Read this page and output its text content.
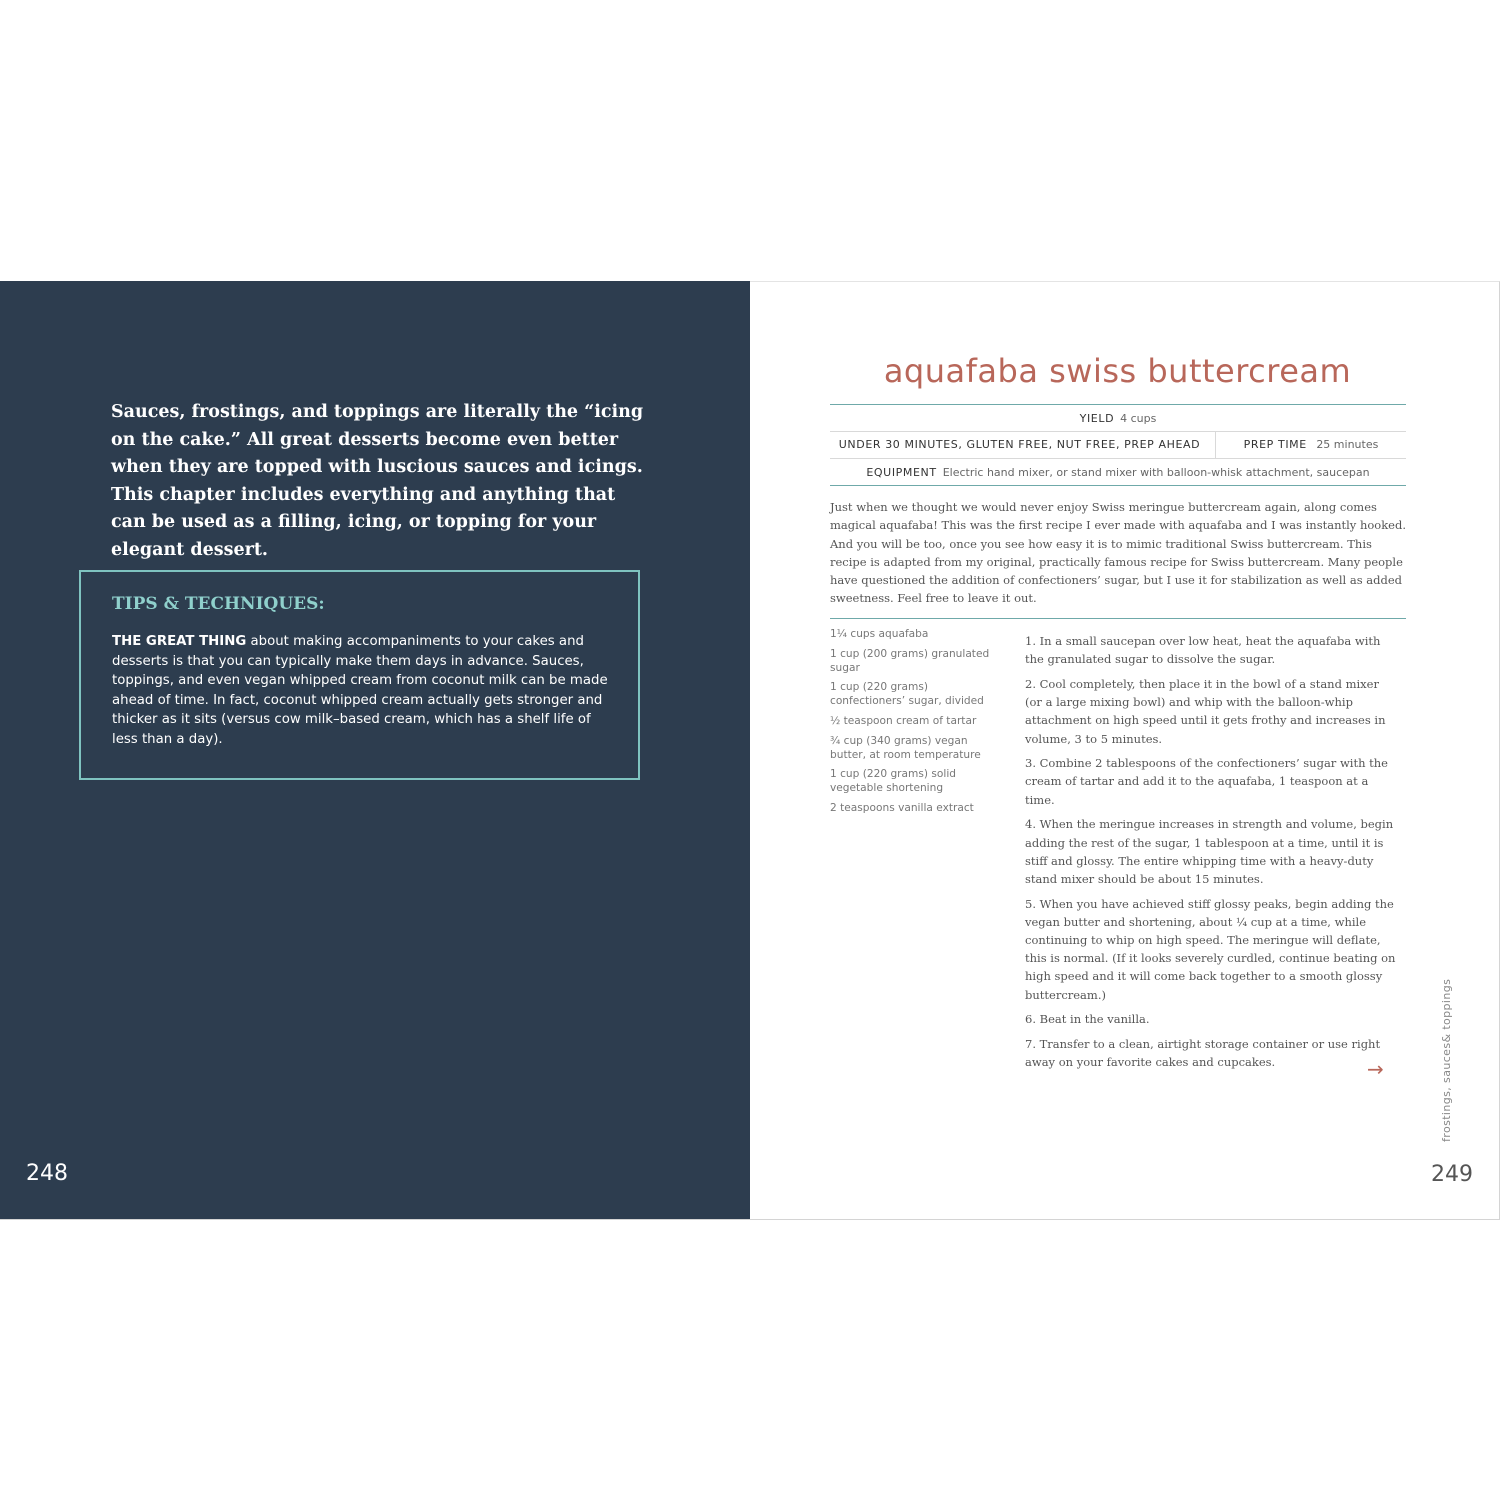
Sauces, frostings, and toppings are literally the “icing on the cake.” All great desserts become even better when they are topped with luscious sauces and icings. This chapter includes everything and anything that can be used as a filling, icing, or topping for your elegant dessert.

TIPS & TECHNIQUES:

THE GREAT THING about making accompaniments to your cakes and desserts is that you can typically make them days in advance. Sauces, toppings, and even vegan whipped cream from coconut milk can be made ahead of time. In fact, coconut whipped cream actually gets stronger and thicker as it sits (versus cow milk–based cream, which has a shelf life of less than a day).

248
aquafaba swiss buttercream
YIELD 4 cups
UNDER 30 MINUTES, GLUTEN FREE, NUT FREE, PREP AHEAD	PREP TIME 25 minutes
EQUIPMENT Electric hand mixer, or stand mixer with balloon-whisk attachment, saucepan

Just when we thought we would never enjoy Swiss meringue buttercream again, along comes magical aquafaba! This was the first recipe I ever made with aquafaba and I was instantly hooked. And you will be too, once you see how easy it is to mimic traditional Swiss buttercream. This recipe is adapted from my original, practically famous recipe for Swiss buttercream. Many people have questioned the addition of confectioners’ sugar, but I use it for stabilization as well as added sweetness. Feel free to leave it out.

1¼ cups aquafaba
1 cup (200 grams) granulated sugar
1 cup (220 grams) confectioners’ sugar, divided
½ teaspoon cream of tartar
¾ cup (340 grams) vegan butter, at room temperature
1 cup (220 grams) solid vegetable shortening
2 teaspoons vanilla extract
1. In a small saucepan over low heat, heat the aquafaba with the granulated sugar to dissolve the sugar.
2. Cool completely, then place it in the bowl of a stand mixer (or a large mixing bowl) and whip with the balloon-whip attachment on high speed until it gets frothy and increases in volume, 3 to 5 minutes.
3. Combine 2 tablespoons of the confectioners’ sugar with the cream of tartar and add it to the aquafaba, 1 teaspoon at a time.
4. When the meringue increases in strength and volume, begin adding the rest of the sugar, 1 tablespoon at a time, until it is stiff and glossy. The entire whipping time with a heavy-duty stand mixer should be about 15 minutes.
5. When you have achieved stiff glossy peaks, begin adding the vegan butter and shortening, about ¼ cup at a time, while continuing to whip on high speed. The meringue will deflate, this is normal. (If it looks severely curdled, continue beating on high speed and it will come back together to a smooth glossy buttercream.)
6. Beat in the vanilla.
7. Transfer to a clean, airtight storage container or use right away on your favorite cakes and cupcakes.	→	frostings, sauces& toppings
249
